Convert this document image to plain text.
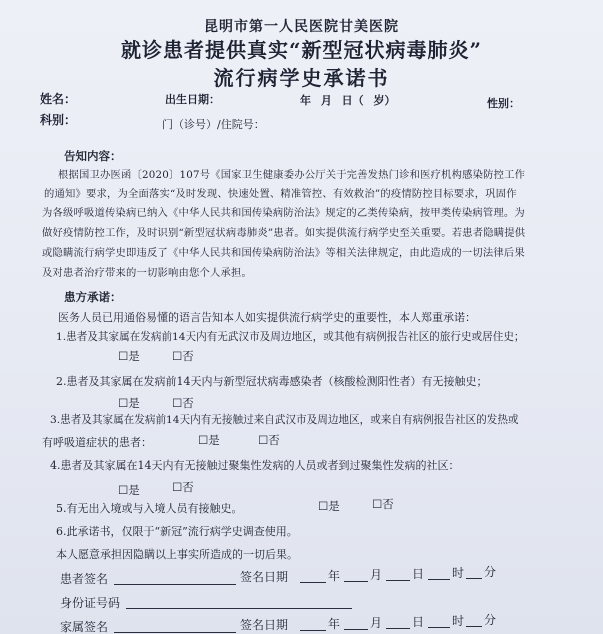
昆明市第一人民医院甘美医院
就诊患者提供真实“新型冠状病毒肺炎”
流行病学史承诺书
姓名：	出生日期：	年 月 日（ 岁）	性别：
科别：	门（诊号）/住院号：
告知内容：
根据国卫办医函〔2020〕107号《国家卫生健康委办公厅关于完善发热门诊和医疗机构感染防控工作
的通知》要求，为全面落实“及时发现、快速处置、精准管控、有效救治”的疫情防控目标要求，巩固作
为各级呼吸道传染病已纳入《中华人民共和国传染病防治法》规定的乙类传染病，按甲类传染病管理。为
做好疫情防控工作，及时识别“新型冠状病毒肺炎”患者。如实提供流行病学史至关重要。若患者隐瞒提供
或隐瞒流行病学史即违反了《中华人民共和国传染病防治法》等相关法律规定，由此造成的一切法律后果
及对患者治疗带来的一切影响由您个人承担。
患方承诺：
医务人员已用通俗易懂的语言告知本人如实提供流行病学史的重要性，本人郑重承诺：
1.患者及其家属在发病前14天内有无武汉市及周边地区，或其他有病例报告社区的旅行史或居住史；
☐是	☐否
2.患者及其家属在发病前14天内与新型冠状病毒感染者（核酸检测阳性者）有无接触史；
☐是	☐否
3.患者及其家属在发病前14天内有无接触过来自武汉市及周边地区，或来自有病例报告社区的发热或
有呼吸道症状的患者：	☐是	☐否
4.患者及其家属在14天内有无接触过聚集性发病的人员或者到过聚集性发病的社区：
☐是	☐否
5.有无出入境或与入境人员有接触史。	☐是	☐否
6.此承诺书，仅限于“新冠”流行病学史调查使用。
本人愿意承担因隐瞒以上事实所造成的一切后果。
患者签名	签名日期	年 月 日 时 分
身份证号码
家属签名	签名日期	年 月 日 时 分
